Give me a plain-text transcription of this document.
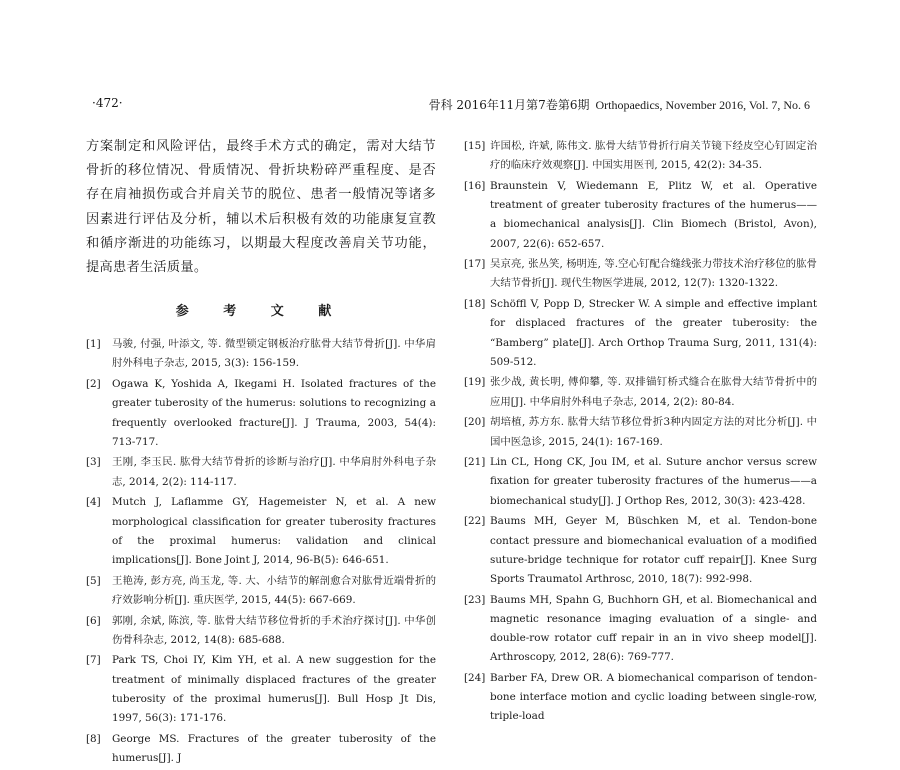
·472·	骨科 2016年11月第7卷第6期 Orthopaedics, November 2016, Vol. 7, No. 6

方案制定和风险评估，最终手术方式的确定，需对大结节骨折的移位情况、骨质情况、骨折块粉碎严重程度、是否存在肩袖损伤或合并肩关节的脱位、患者一般情况等诸多因素进行评估及分析，辅以术后积极有效的功能康复宣教和循序渐进的功能练习，以期最大程度改善肩关节功能，提高患者生活质量。

参 考 文 献
[1]	马骏, 付强, 叶添文, 等. 微型锁定钢板治疗肱骨大结节骨折[J]. 中华肩肘外科电子杂志, 2015, 3(3): 156-159.
[2]	Ogawa K, Yoshida A, Ikegami H. Isolated fractures of the greater tuberosity of the humerus: solutions to recognizing a frequently overlooked fracture[J]. J Trauma, 2003, 54(4): 713-717.
[3]	王刚, 李玉民. 肱骨大结节骨折的诊断与治疗[J]. 中华肩肘外科电子杂志, 2014, 2(2): 114-117.
[4]	Mutch J, Laflamme GY, Hagemeister N, et al. A new morphological classification for greater tuberosity fractures of the proximal humerus: validation and clinical implications[J]. Bone Joint J, 2014, 96-B(5): 646-651.
[5]	王艳涛, 彭方亮, 尚玉龙, 等. 大、小结节的解剖愈合对肱骨近端骨折的疗效影响分析[J]. 重庆医学, 2015, 44(5): 667-669.
[6]	郭刚, 余斌, 陈滨, 等. 肱骨大结节移位骨折的手术治疗探讨[J]. 中华创伤骨科杂志, 2012, 14(8): 685-688.
[7]	Park TS, Choi IY, Kim YH, et al. A new suggestion for the treatment of minimally displaced fractures of the greater tuberosity of the proximal humerus[J]. Bull Hosp Jt Dis, 1997, 56(3): 171-176.
[8]	George MS. Fractures of the greater tuberosity of the humerus[J]. J
[15] 许国松, 许斌, 陈伟文. 肱骨大结节骨折行肩关节镜下经皮空心钉固定治疗的临床疗效观察[J]. 中国实用医刊, 2015, 42(2): 34-35.
[16] Braunstein V, Wiedemann E, Plitz W, et al. Operative treatment of greater tuberosity fractures of the humerus——a biomechanical analysis[J]. Clin Biomech (Bristol, Avon), 2007, 22(6): 652-657.
[17] 吴京亮, 张丛笑, 杨明连, 等.空心钉配合缝线张力带技术治疗移位的肱骨大结节骨折[J]. 现代生物医学进展, 2012, 12(7): 1320-1322.
[18] Schöffl V, Popp D, Strecker W. A simple and effective implant for displaced fractures of the greater tuberosity: the “Bamberg” plate[J]. Arch Orthop Trauma Surg, 2011, 131(4): 509-512.
[19] 张少战, 黄长明, 傅仰攀, 等. 双排锚钉桥式缝合在肱骨大结节骨折中的应用[J]. 中华肩肘外科电子杂志, 2014, 2(2): 80-84.
[20] 胡培植, 苏方东. 肱骨大结节移位骨折3种内固定方法的对比分析[J]. 中国中医急诊, 2015, 24(1): 167-169.
[21] Lin CL, Hong CK, Jou IM, et al. Suture anchor versus screw fixation for greater tuberosity fractures of the humerus——a biomechanical study[J]. J Orthop Res, 2012, 30(3): 423-428.
[22] Baums MH, Geyer M, Büschken M, et al. Tendon-bone contact pressure and biomechanical evaluation of a modified suture-bridge technique for rotator cuff repair[J]. Knee Surg Sports Traumatol Arthrosc, 2010, 18(7): 992-998.
[23] Baums MH, Spahn G, Buchhorn GH, et al. Biomechanical and magnetic resonance imaging evaluation of a single- and double-row rotator cuff repair in an in vivo sheep model[J]. Arthroscopy, 2012, 28(6): 769-777.
[24] Barber FA, Drew OR. A biomechanical comparison of tendon-bone interface motion and cyclic loading between single-row, triple-load
